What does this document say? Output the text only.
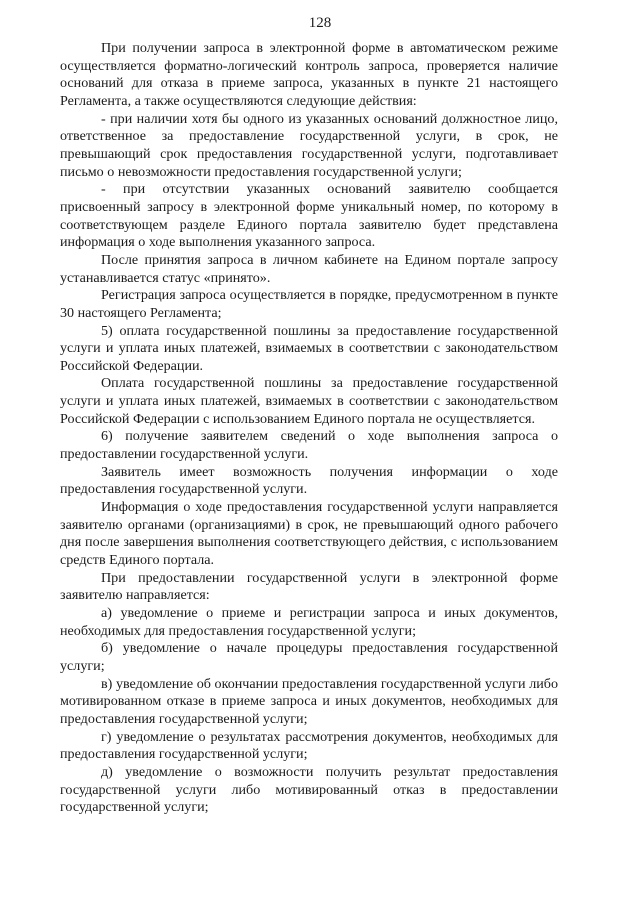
128

При получении запроса в электронной форме в автоматическом режиме осуществляется форматно-логический контроль запроса, проверяется наличие оснований для отказа в приеме запроса, указанных в пункте 21 настоящего Регламента, а также осуществляются следующие действия:

- при наличии хотя бы одного из указанных оснований должностное лицо, ответственное за предоставление государственной услуги, в срок, не превышающий срок предоставления государственной услуги, подготавливает письмо о невозможности предоставления государственной услуги;

- при отсутствии указанных оснований заявителю сообщается присвоенный запросу в электронной форме уникальный номер, по которому в соответствующем разделе Единого портала заявителю будет представлена информация о ходе выполнения указанного запроса.

После принятия запроса в личном кабинете на Едином портале запросу устанавливается статус «принято».

Регистрация запроса осуществляется в порядке, предусмотренном в пункте 30 настоящего Регламента;

5) оплата государственной пошлины за предоставление государственной услуги и уплата иных платежей, взимаемых в соответствии с законодательством Российской Федерации.

Оплата государственной пошлины за предоставление государственной услуги и уплата иных платежей, взимаемых в соответствии с законодательством Российской Федерации с использованием Единого портала не осуществляется.

6) получение заявителем сведений о ходе выполнения запроса о предоставлении государственной услуги.

Заявитель имеет возможность получения информации о ходе предоставления государственной услуги.

Информация о ходе предоставления государственной услуги направляется заявителю органами (организациями) в срок, не превышающий одного рабочего дня после завершения выполнения соответствующего действия, с использованием средств Единого портала.

При предоставлении государственной услуги в электронной форме заявителю направляется:

а) уведомление о приеме и регистрации запроса и иных документов, необходимых для предоставления государственной услуги;

б) уведомление о начале процедуры предоставления государственной услуги;

в) уведомление об окончании предоставления государственной услуги либо мотивированном отказе в приеме запроса и иных документов, необходимых для предоставления государственной услуги;

г) уведомление о результатах рассмотрения документов, необходимых для предоставления государственной услуги;

д) уведомление о возможности получить результат предоставления государственной услуги либо мотивированный отказ в предоставлении государственной услуги;
